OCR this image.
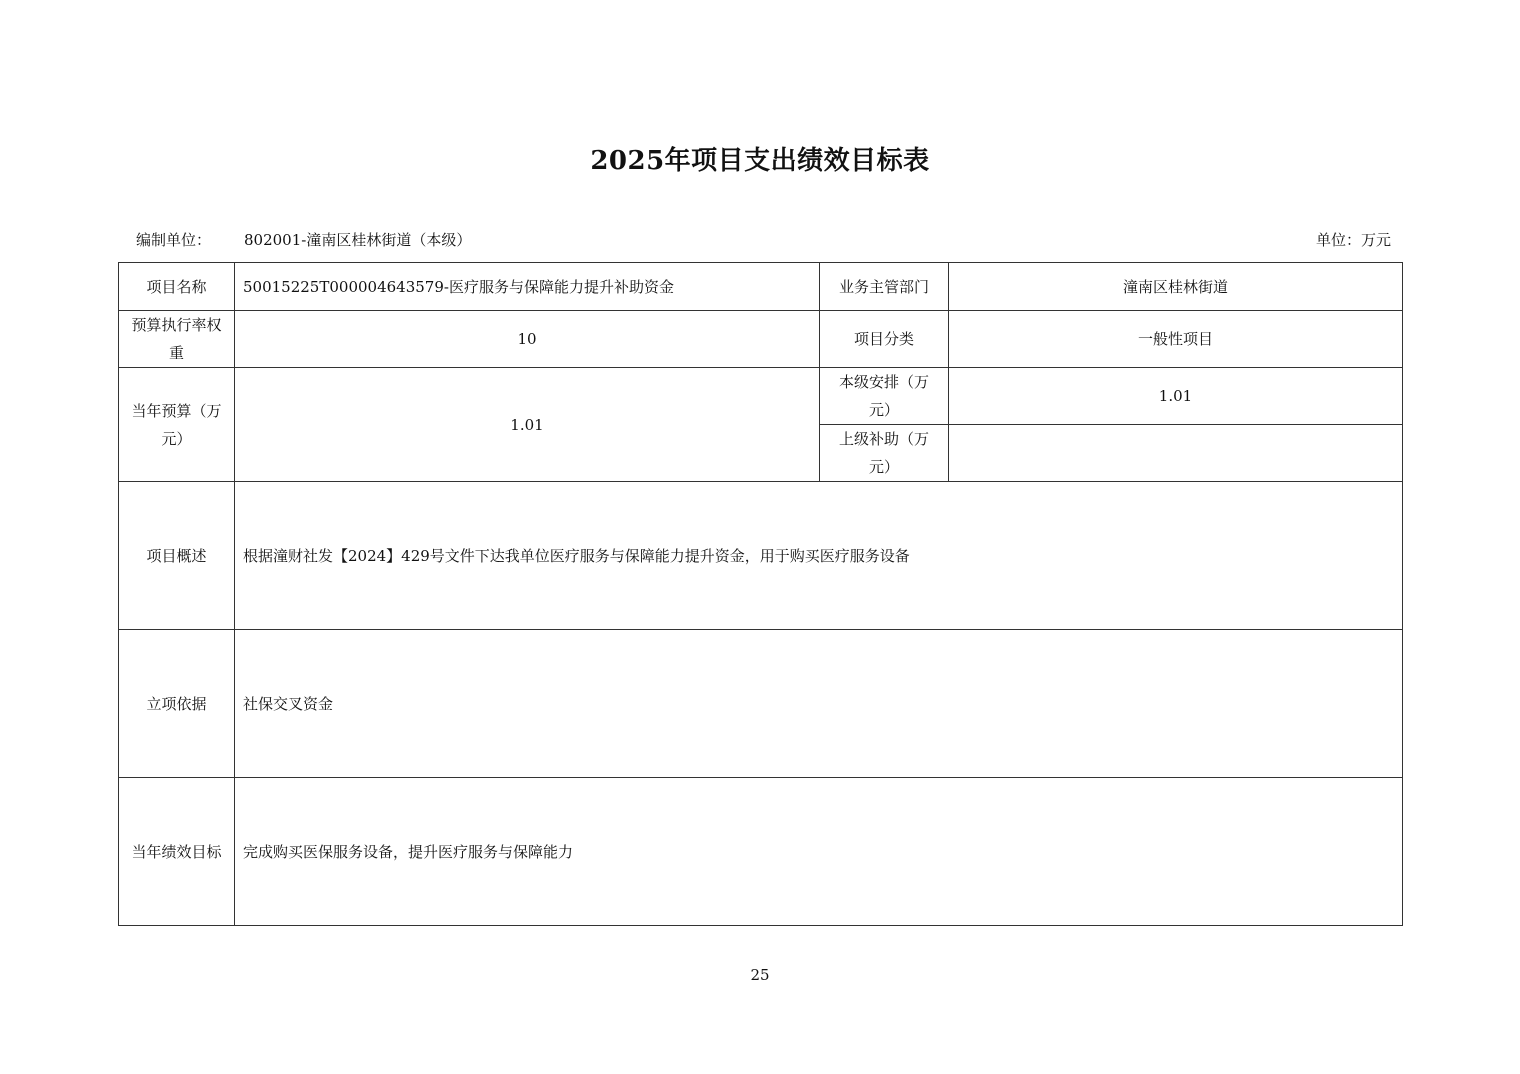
2025年项目支出绩效目标表
编制单位： 802001-潼南区桂林街道（本级）	单位：万元
项目名称	50015225T000004643579-医疗服务与保障能力提升补助资金	业务主管部门	潼南区桂林街道
预算执行率权重	10	项目分类	一般性项目
当年预算（万元）	1.01	本级安排（万元）	1.01
		上级补助（万元）	
项目概述	根据潼财社发【2024】429号文件下达我单位医疗服务与保障能力提升资金，用于购买医疗服务设备		
立项依据	社保交叉资金		
当年绩效目标	完成购买医保服务设备，提升医疗服务与保障能力		
25
